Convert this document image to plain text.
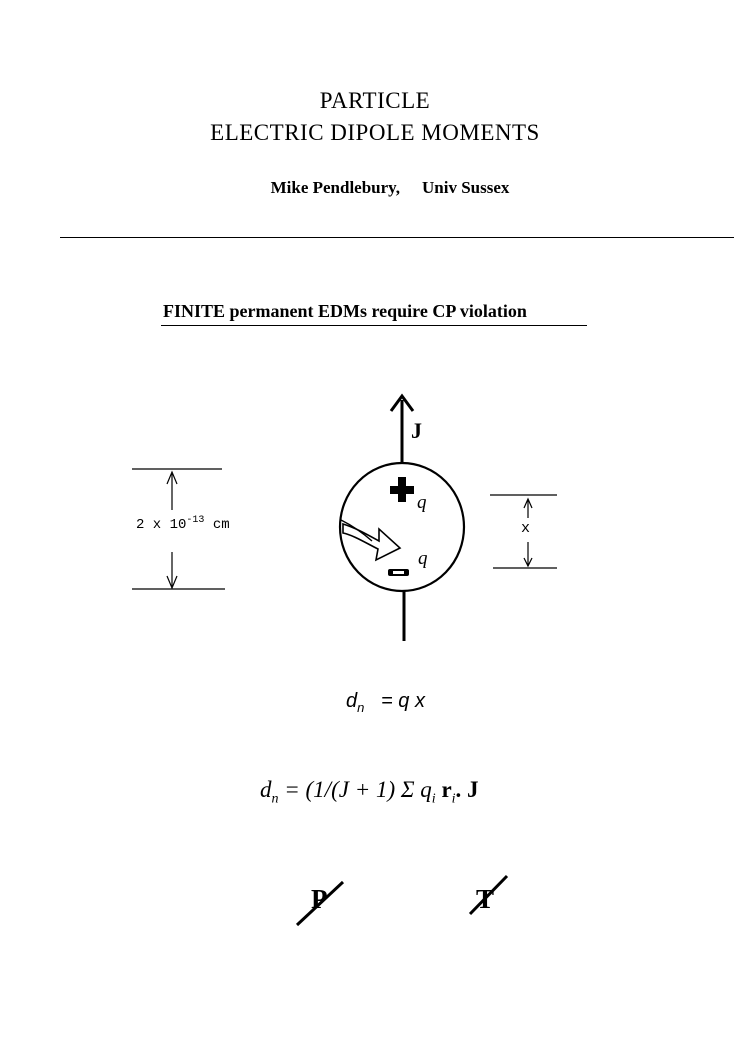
PARTICLE
ELECTRIC DIPOLE MOMENTS
Mike Pendlebury, Univ Sussex
FINITE permanent EDMs require CP violation
2 x $10^{-13}$ cm
J
q
q
x
$d_n = q$ x
$d_n = (1/(J + 1)$ Σ $q_i$ $r_i$. J
P	T
